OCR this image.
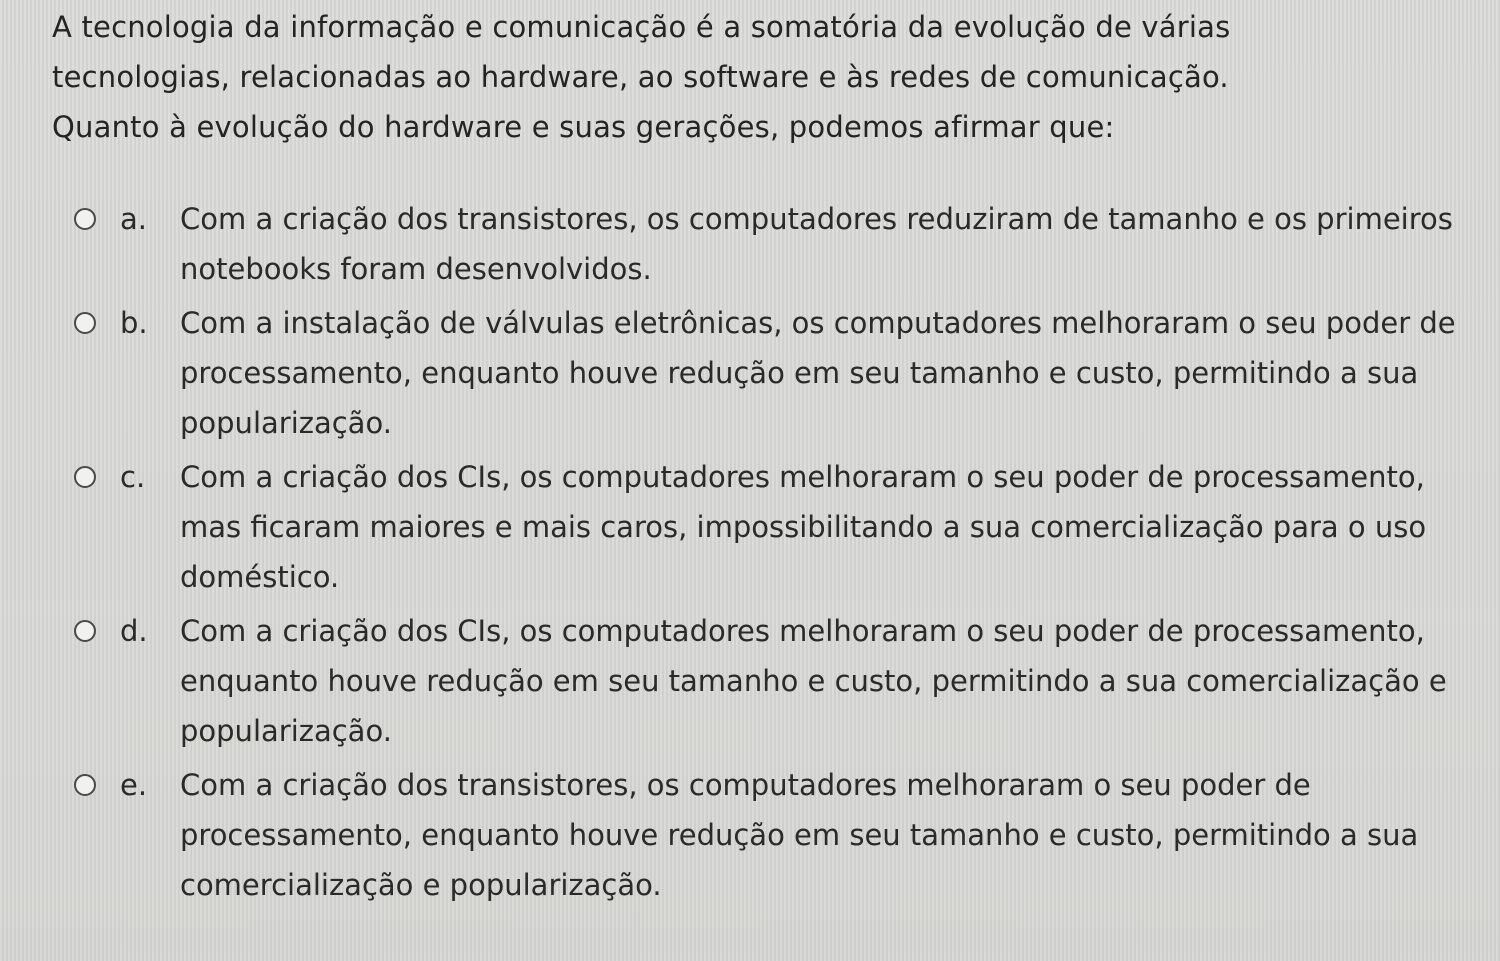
A tecnologia da informação e comunicação é a somatória da evolução de várias
tecnologias, relacionadas ao hardware, ao software e às redes de comunicação.
Quanto à evolução do hardware e suas gerações, podemos afirmar que:
a.	Com a criação dos transistores, os computadores reduziram de tamanho e os primeiros notebooks foram desenvolvidos.
b.	Com a instalação de válvulas eletrônicas, os computadores melhoraram o seu poder de processamento, enquanto houve redução em seu tamanho e custo, permitindo a sua popularização.
c.	Com a criação dos CIs, os computadores melhoraram o seu poder de processamento, mas ficaram maiores e mais caros, impossibilitando a sua comercialização para o uso doméstico.
d.	Com a criação dos CIs, os computadores melhoraram o seu poder de processamento, enquanto houve redução em seu tamanho e custo, permitindo a sua comercialização e popularização.
e.	Com a criação dos transistores, os computadores melhoraram o seu poder de processamento, enquanto houve redução em seu tamanho e custo, permitindo a sua comercialização e popularização.
